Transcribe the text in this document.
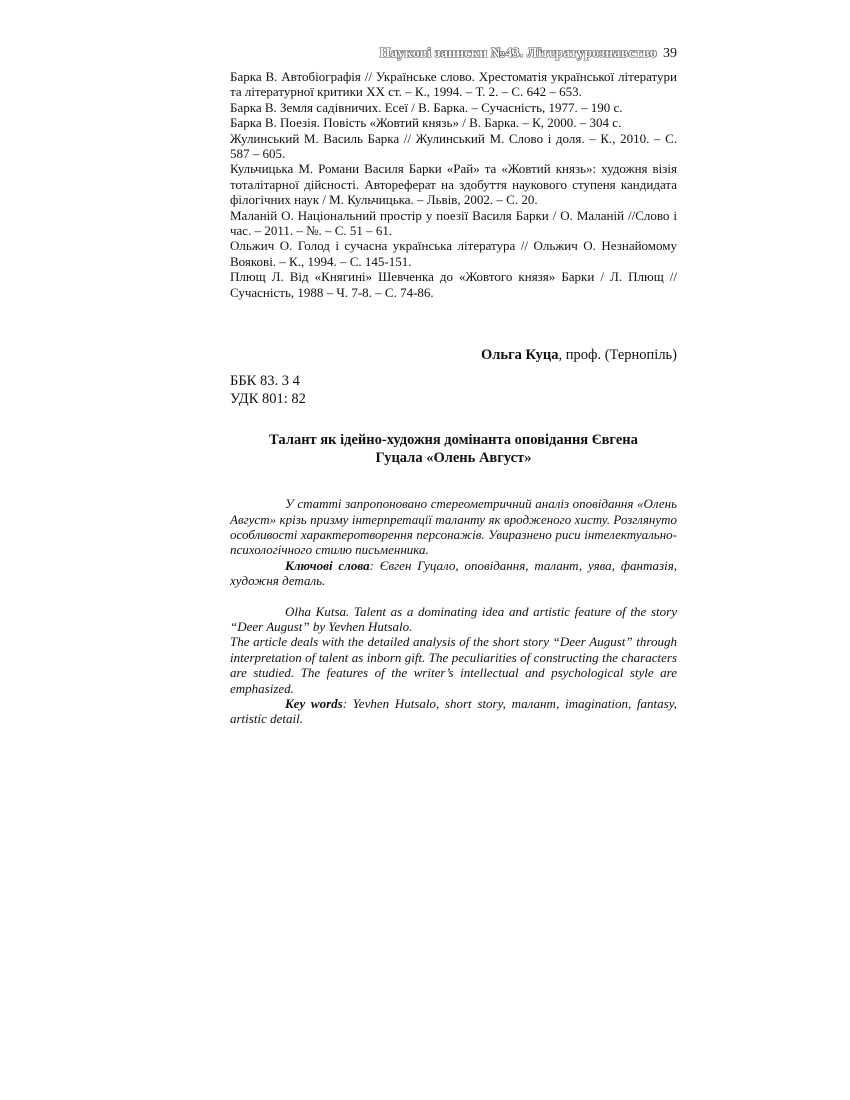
Наукові записки №43. Літературознавство 39

Барка В. Автобіографія // Українське слово. Хрестоматія української літератури та літературної критики ХХ ст. – К., 1994. – Т. 2. – С. 642 – 653.

Барка В. Земля садівничих. Есеї / В. Барка. – Сучасність, 1977. – 190 с.

Барка В. Поезія. Повість «Жовтий князь» / В. Барка. – К, 2000. – 304 с.

Жулинський М. Василь Барка // Жулинський М. Слово і доля. – К., 2010. – С. 587 – 605.

Кульчицька М. Романи Василя Барки «Рай» та «Жовтий князь»: художня візія тоталітарної дійсності. Автореферат на здобуття наукового ступеня кандидата філогічних наук / М. Кульчицька. – Львів, 2002. – С. 20.

Маланій О. Національний простір у поезії Василя Барки / О. Маланій //Слово і час. – 2011. – №. – С. 51 – 61.

Ольжич О. Голод і сучасна українська література // Ольжич О. Незнайомому Воякові. – К., 1994. – С. 145-151.

Плющ Л. Від «Княгині» Шевченка до «Жовтого князя» Барки / Л. Плющ // Сучасність, 1988 – Ч. 7-8. – С. 74-86.

Ольга Куца, проф. (Тернопіль)
ББК 83. 3 4
УДК 801: 82
Талант як ідейно-художня домінанта оповідання Євгена
Гуцала «Олень Август»

У статті запропоновано стереометричний аналіз оповідання «Олень Август» крізь призму інтерпретації таланту як вродженого хисту. Розглянуто особливості характеротворення персонажів. Увиразнено риси інтелектуально-психологічного стилю письменника.

Ключові слова: Євген Гуцало, оповідання, талант, уява, фантазія, художня деталь.

Olha Kutsa. Talent as a dominating idea and artistic feature of the story “Deer August” by Yevhen Hutsalo.

The article deals with the detailed analysis of the short story “Deer August” through interpretation of talent as inborn gift. The peculiarities of constructing the characters are studied. The features of the writer’s intellectual and psychological style are emphasized.

Key words: Yevhen Hutsalo, short story, талант, imagination, fantasy, artistic detail.
